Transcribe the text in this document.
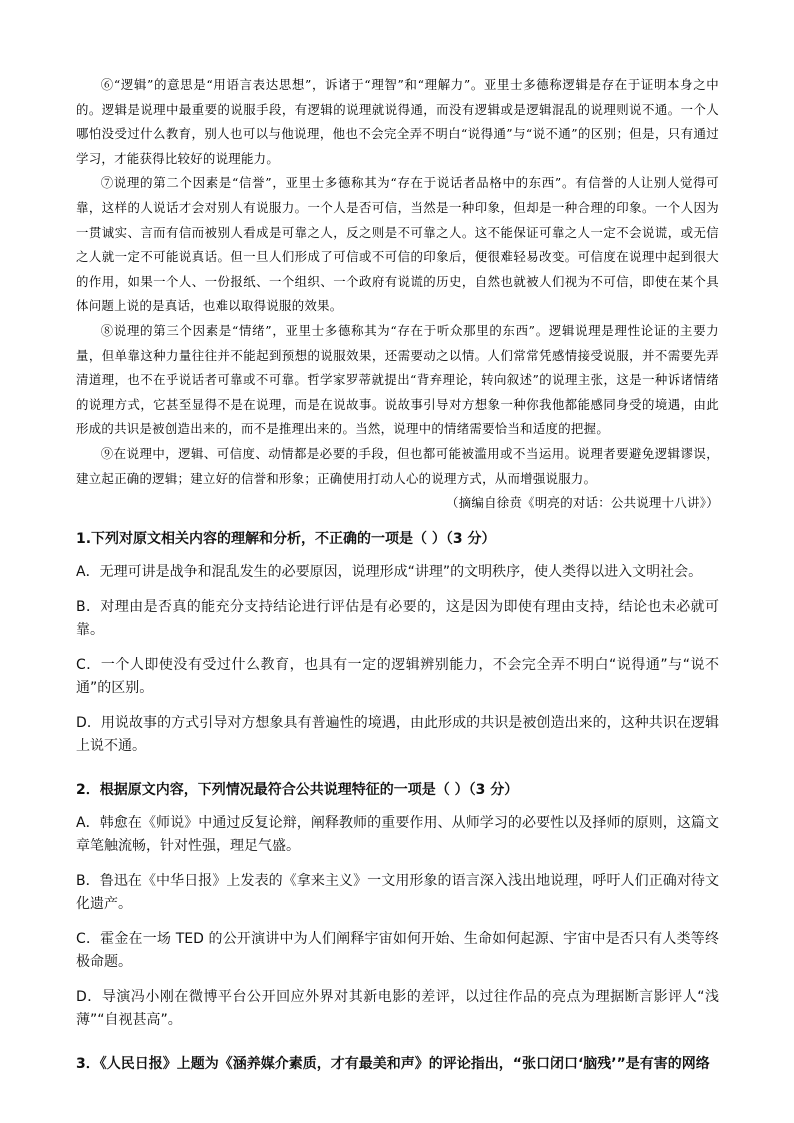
⑥“逻辑”的意思是“用语言表达思想”，诉诸于“理智”和“理解力”。亚里士多德称逻辑是存在于证明本身之中的。逻辑是说理中最重要的说服手段，有逻辑的说理就说得通，而没有逻辑或是逻辑混乱的说理则说不通。一个人哪怕没受过什么教育，别人也可以与他说理，他也不会完全弄不明白“说得通”与“说不通”的区别；但是，只有通过学习，才能获得比较好的说理能力。

⑦说理的第二个因素是“信誉”，亚里士多德称其为“存在于说话者品格中的东西”。有信誉的人让别人觉得可靠，这样的人说话才会对别人有说服力。一个人是否可信，当然是一种印象，但却是一种合理的印象。一个人因为一贯诚实、言而有信而被别人看成是可靠之人，反之则是不可靠之人。这不能保证可靠之人一定不会说谎，或无信之人就一定不可能说真话。但一旦人们形成了可信或不可信的印象后，便很难轻易改变。可信度在说理中起到很大的作用，如果一个人、一份报纸、一个组织、一个政府有说谎的历史，自然也就被人们视为不可信，即使在某个具体问题上说的是真话，也难以取得说服的效果。

⑧说理的第三个因素是“情绪”，亚里士多德称其为“存在于听众那里的东西”。逻辑说理是理性论证的主要力量，但单靠这种力量往往并不能起到预想的说服效果，还需要动之以情。人们常常凭感情接受说服，并不需要先弄清道理，也不在乎说话者可靠或不可靠。哲学家罗蒂就提出“背弃理论，转向叙述”的说理主张，这是一种诉诸情绪的说理方式，它甚至显得不是在说理，而是在说故事。说故事引导对方想象一种你我他都能感同身受的境遇，由此形成的共识是被创造出来的，而不是推理出来的。当然，说理中的情绪需要恰当和适度的把握。

⑨在说理中，逻辑、可信度、动情都是必要的手段，但也都可能被滥用或不当运用。说理者要避免逻辑谬误，建立起正确的逻辑；建立好的信誉和形象；正确使用打动人心的说理方式，从而增强说服力。

（摘编自徐贲《明亮的对话：公共说理十八讲》）

1.下列对原文相关内容的理解和分析，不正确的一项是（ ）（3 分）

A．无理可讲是战争和混乱发生的必要原因，说理形成“讲理”的文明秩序，使人类得以进入文明社会。

B．对理由是否真的能充分支持结论进行评估是有必要的，这是因为即使有理由支持，结论也未必就可靠。

C．一个人即使没有受过什么教育，也具有一定的逻辑辨别能力，不会完全弄不明白“说得通”与“说不通”的区别。

D．用说故事的方式引导对方想象具有普遍性的境遇，由此形成的共识是被创造出来的，这种共识在逻辑上说不通。

2．根据原文内容，下列情况最符合公共说理特征的一项是（ ）（3 分）

A．韩愈在《师说》中通过反复论辩，阐释教师的重要作用、从师学习的必要性以及择师的原则，这篇文章笔触流畅，针对性强，理足气盛。

B．鲁迅在《中华日报》上发表的《拿来主义》一文用形象的语言深入浅出地说理，呼吁人们正确对待文化遗产。

C．霍金在一场 TED 的公开演讲中为人们阐释宇宙如何开始、生命如何起源、宇宙中是否只有人类等终极命题。

D．导演冯小刚在微博平台公开回应外界对其新电影的差评，以过往作品的亮点为理据断言影评人“浅薄”“自视甚高”。

3．《人民日报》上题为《涵养媒介素质，才有最美和声》的评论指出，“张口闭口‘脑残’”是有害的网络
